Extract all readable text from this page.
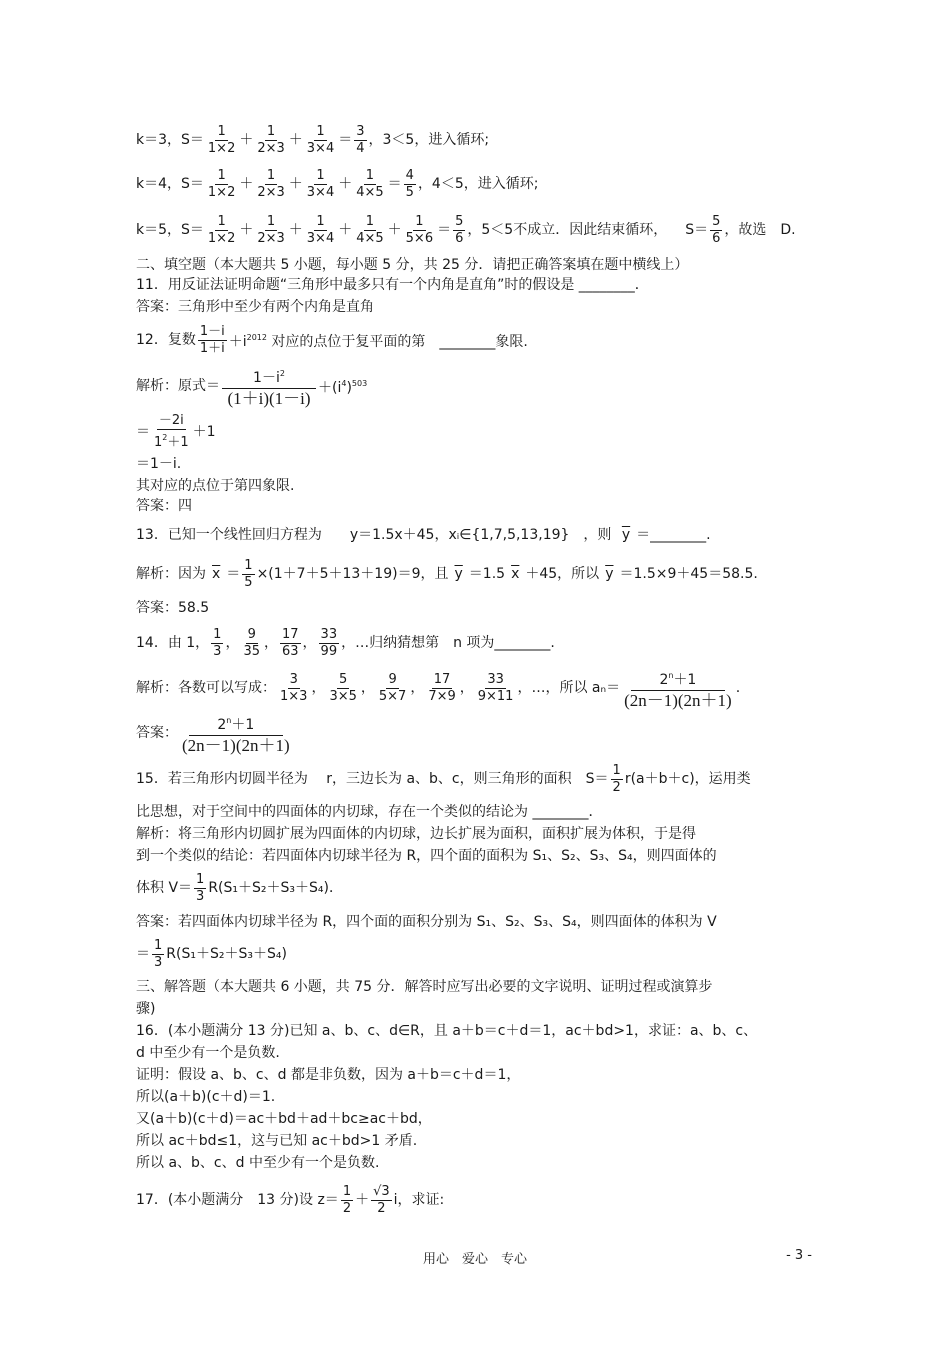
k＝3，$S= \frac{1}{1\times 2} + \frac{1}{2\times 3} + \frac{1}{3\times 4} = \frac{3}{4}$ ，3＜5，进入循环;
k＝4，$S= \frac{1}{1\times 2} + \frac{1}{2\times 3} + \frac{1}{3\times 4} + \frac{1}{4\times 5} = \frac{4}{5}$ ，4＜5，进入循环;
k＝5，$S= \frac{1}{1\times 2} + \frac{1}{2\times 3} + \frac{1}{3\times 4} + \frac{1}{4\times 5} + \frac{1}{5\times 6} = \frac{5}{6}$ ，5＜5不成立．因此结束循环， $S= \frac{5}{6}$ ，故选　D.
二、填空题（本大题共 5 小题，每小题 5 分，共 25 分．请把正确答案填在题中横线上）
11．用反证法证明命题“三角形中最多只有一个内角是直角”时的假设是 ________．
答案：三角形中至少有两个内角是直角
12．复数 $\frac{1-i}{1+i} +i^{2012}$ 对应的点位于复平面的第　________象限.
解析：原式＝ $\frac{1-i^2}{(1+i)(1-i)} +(i^4)^{503}$
＝ $\frac{-2i}{1^2+1} +1$
＝1－i.
其对应的点位于第四象限.
答案：四
13．已知一个线性回归方程为　　y＝1.5x＋45，xᵢ∈{1,7,5,13,19}　，则 $\overline{y}$ ＝________.
解析：因为 $\overline{x} = \frac{1}{5} \times(1+7+5+13+19)=9$，且 $\overline{y} =1.5$ $\overline{x} +45$，所以 $\overline{y} =1.5\times 9+45=58.5$.
答案：58.5
14．由 1， $\frac{1}{3}$ ， $\frac{9}{35}$ ， $\frac{17}{63}$ ， $\frac{33}{99}$ ，…归纳猜想第　n 项为________.
解析：各数可以写成： $\frac{3}{1\times 3}$ ， $\frac{5}{3\times 5}$ ， $\frac{9}{5\times 7}$ ， $\frac{17}{7\times 9}$ ， $\frac{33}{9\times 11}$ ，…，所以 $a_n= \frac{2^n+1}{(2n-1)(2n+1)}$ .
答案： $\frac{2^n+1}{(2n-1)(2n+1)}$
15．若三角形内切圆半径为　 r，三边长为 a、b、c，则三角形的面积　$S= \frac{1}{2} r(a+b+c)$，运用类
比思想，对于空间中的四面体的内切球，存在一个类似的结论为 ________．
解析：将三角形内切圆扩展为四面体的内切球，边长扩展为面积，面积扩展为体积，于是得
到一个类似的结论：若四面体内切球半径为 R，四个面的面积为 S₁、S₂、S₃、S₄，则四面体的
体积 $V= \frac{1}{3} R(S_1+S_2+S_3+S_4)$．
答案：若四面体内切球半径为 R，四个面的面积分别为 S₁、S₂、S₃、S₄，则四面体的体积为 V
＝ $\frac{1}{3} R(S_1+S_2+S_3+S_4)$
三、解答题（本大题共 6 小题，共 75 分．解答时应写出必要的文字说明、证明过程或演算步
骤)
16．(本小题满分 13 分)已知 a、b、c、d∈R，且 a＋b＝c＋d＝1，ac＋bd>1，求证：a、b、c、
d 中至少有一个是负数.
证明：假设 a、b、c、d 都是非负数，因为 a＋b＝c＋d＝1，
所以(a＋b)(c＋d)＝1.
又(a＋b)(c＋d)＝ac＋bd＋ad＋bc≥ac＋bd，
所以 ac＋bd≤1，这与已知 ac＋bd>1 矛盾.
所以 a、b、c、d 中至少有一个是负数.
17．(本小题满分　13 分)设 $z= \frac{1}{2} + \frac{√3}{2}$ i，求证:
用心　爱心　专心	- 3 -
